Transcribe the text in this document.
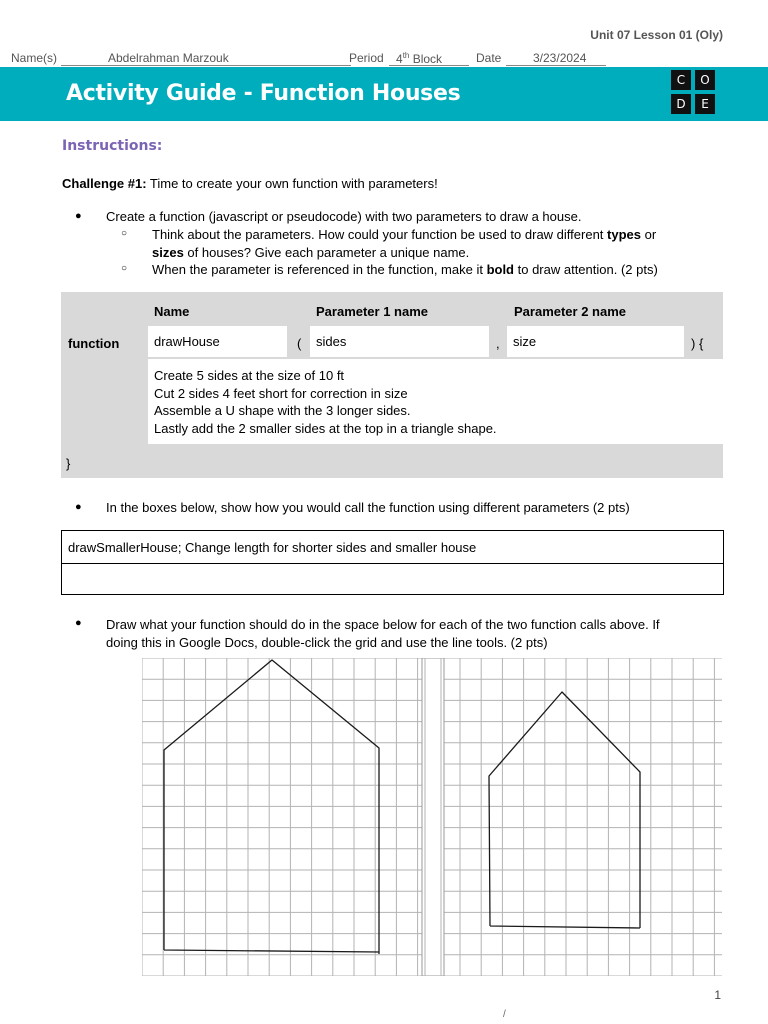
Unit 07 Lesson 01 (Oly)
Name(s)	Abdelrahman Marzouk	Period 4th Block	Date	3/23/2024
Activity Guide - Function Houses
C	O
D	E
Instructions:
Challenge #1: Time to create your own function with parameters!
● Create a function (javascript or pseudocode) with two parameters to draw a house.
○ Think about the parameters. How could your function be used to draw different types or
sizes of houses? Give each parameter a unique name.
○ When the parameter is referenced in the function, make it bold to draw attention. (2 pts)
Name	Parameter 1 name	Parameter 2 name
function	drawHouse	(	sides	,	size	) {
Create 5 sides at the size of 10 ft
Cut 2 sides 4 feet short for correction in size
Assemble a U shape with the 3 longer sides.
Lastly add the 2 smaller sides at the top in a triangle shape.
}
● In the boxes below, show how you would call the function using different parameters (2 pts)
drawSmallerHouse; Change length for shorter sides and smaller house
● Draw what your function should do in the space below for each of the two function calls above. If
doing this in Google Docs, double-click the grid and use the line tools. (2 pts)
1
/
